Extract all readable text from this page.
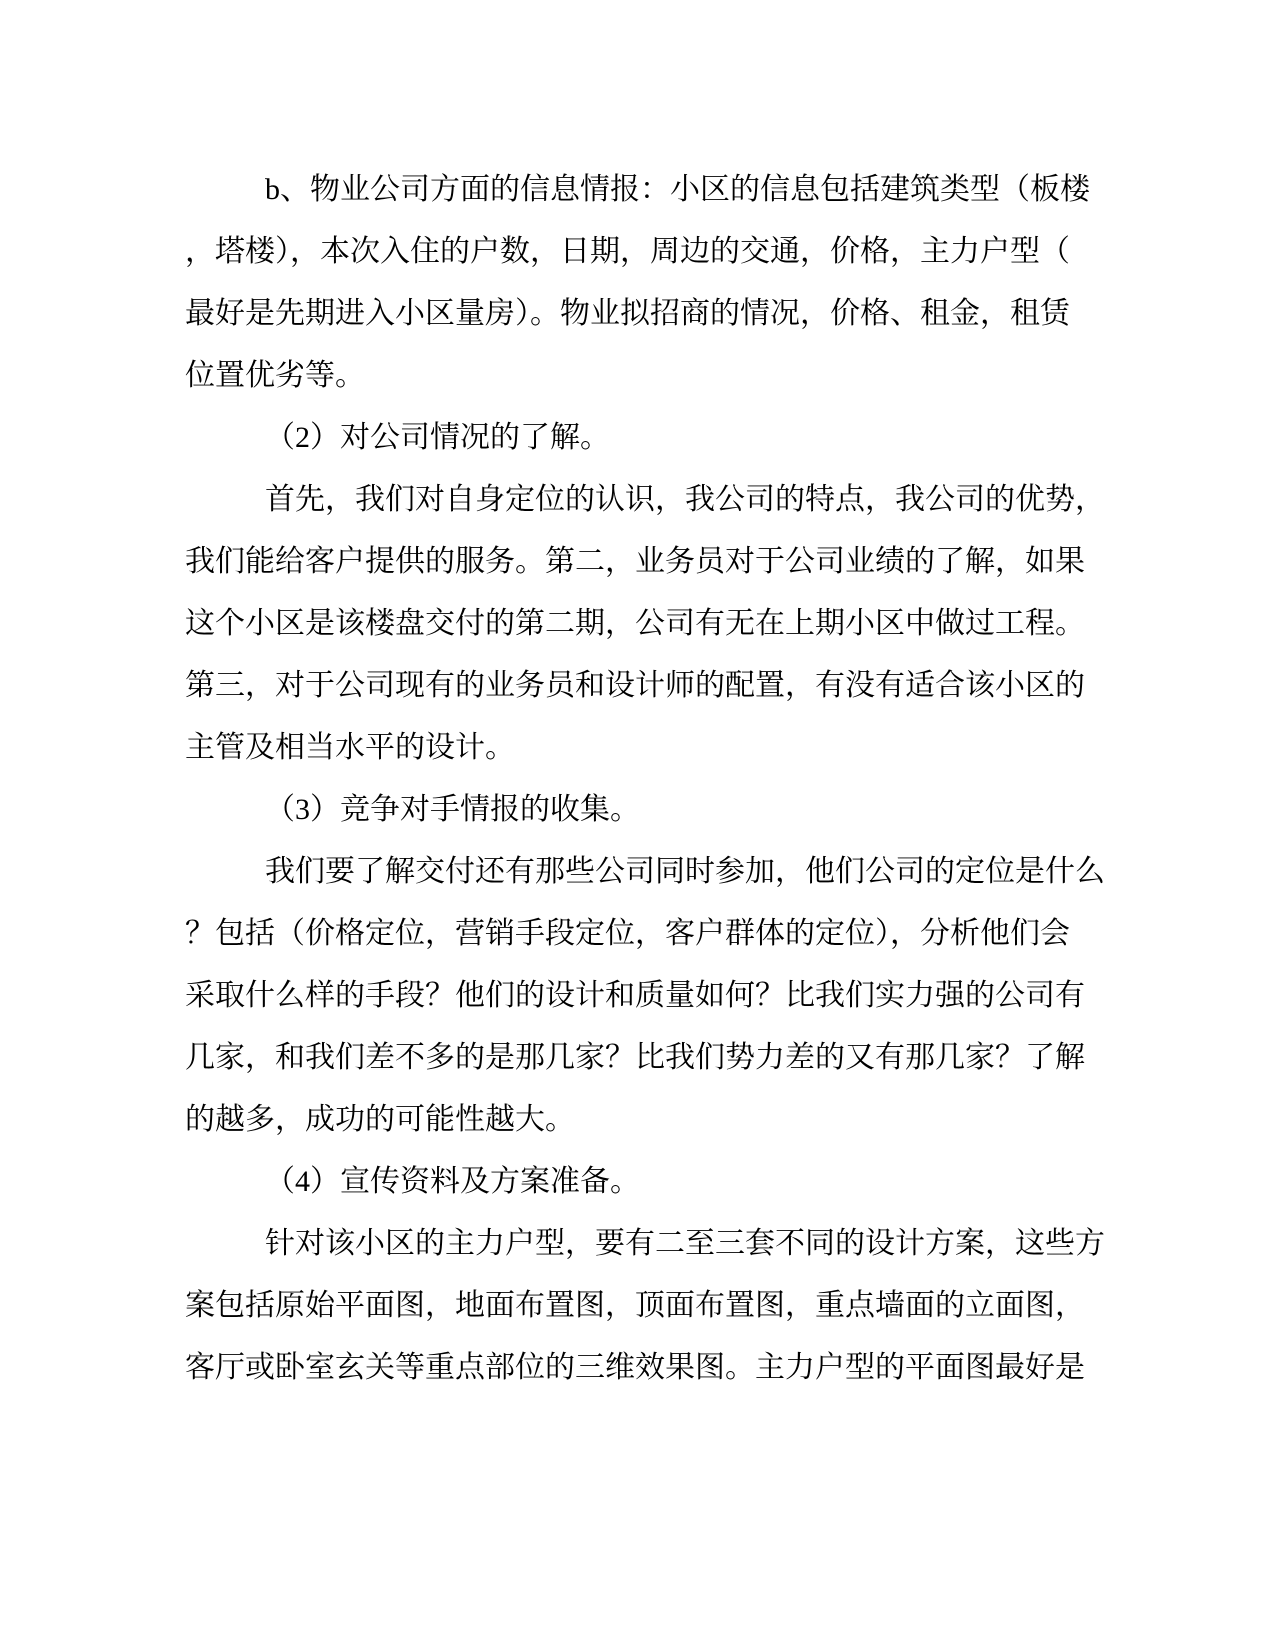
b、物业公司方面的信息情报：小区的信息包括建筑类型（板楼
，塔楼），本次入住的户数，日期，周边的交通，价格，主力户型（
最好是先期进入小区量房）。物业拟招商的情况，价格、租金，租赁
位置优劣等。
（2）对公司情况的了解。
首先，我们对自身定位的认识，我公司的特点，我公司的优势，
我们能给客户提供的服务。第二，业务员对于公司业绩的了解，如果
这个小区是该楼盘交付的第二期，公司有无在上期小区中做过工程。
第三，对于公司现有的业务员和设计师的配置，有没有适合该小区的
主管及相当水平的设计。
（3）竞争对手情报的收集。
我们要了解交付还有那些公司同时参加，他们公司的定位是什么
？包括（价格定位，营销手段定位，客户群体的定位），分析他们会
采取什么样的手段？他们的设计和质量如何？比我们实力强的公司有
几家，和我们差不多的是那几家？比我们势力差的又有那几家？了解
的越多，成功的可能性越大。
（4）宣传资料及方案准备。
针对该小区的主力户型，要有二至三套不同的设计方案，这些方
案包括原始平面图，地面布置图，顶面布置图，重点墙面的立面图，
客厅或卧室玄关等重点部位的三维效果图。主力户型的平面图最好是
